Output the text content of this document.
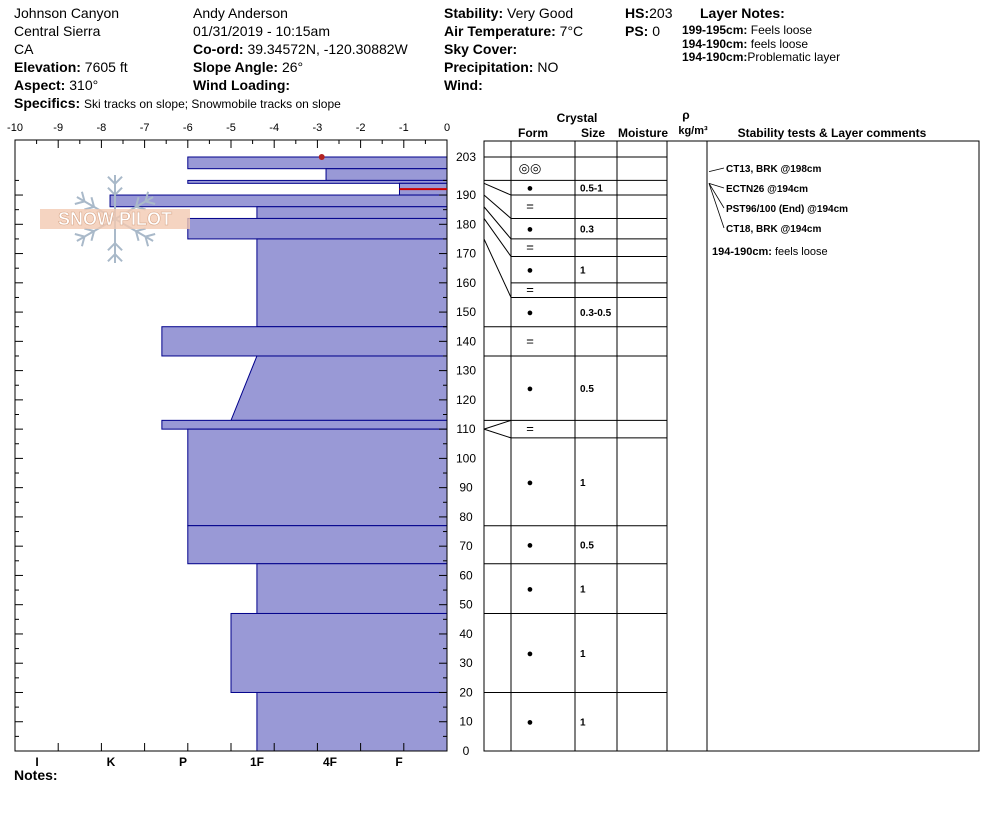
Johnson Canyon
Central Sierra
CA
Elevation: 7605 ft
Aspect: 310°
Specifics: Ski tracks on slope; Snowmobile tracks on slope
Andy Anderson
01/31/2019 - 10:15am
Co-ord: 39.34572N, -120.30882W
Slope Angle: 26°
Wind Loading:
Stability: Very Good
Air Temperature: 7°C
Sky Cover:
Precipitation: NO
Wind:
HS:203
PS: 0
Layer Notes:
199-195cm: Feels loose
194-190cm: feels loose
194-190cm:Problematic layer
Notes:
-10	-9	-8	-7	-6	-5	-4	-3	-2	-1	0
I	K	P	1F	4F	F
0
10
20
30
40
50
60
70
80
90
100
110
120
130
140
150
160
170
180
190
203
SNOW PILOT
Crystal
Form	Size Moisture
ρ
kg/m³ Stability tests & Layer comments
◎◎
●	0.5-1
=
●	0.3
=
●	1
=
●	0.3-0.5
=
●	0.5
=
●	1
●	0.5
●	1
●	1
●	1
CT13, BRK @198cm
ECTN26 @194cm
PST96/100 (End) @194cm
CT18, BRK @194cm
194-190cm: feels loose
